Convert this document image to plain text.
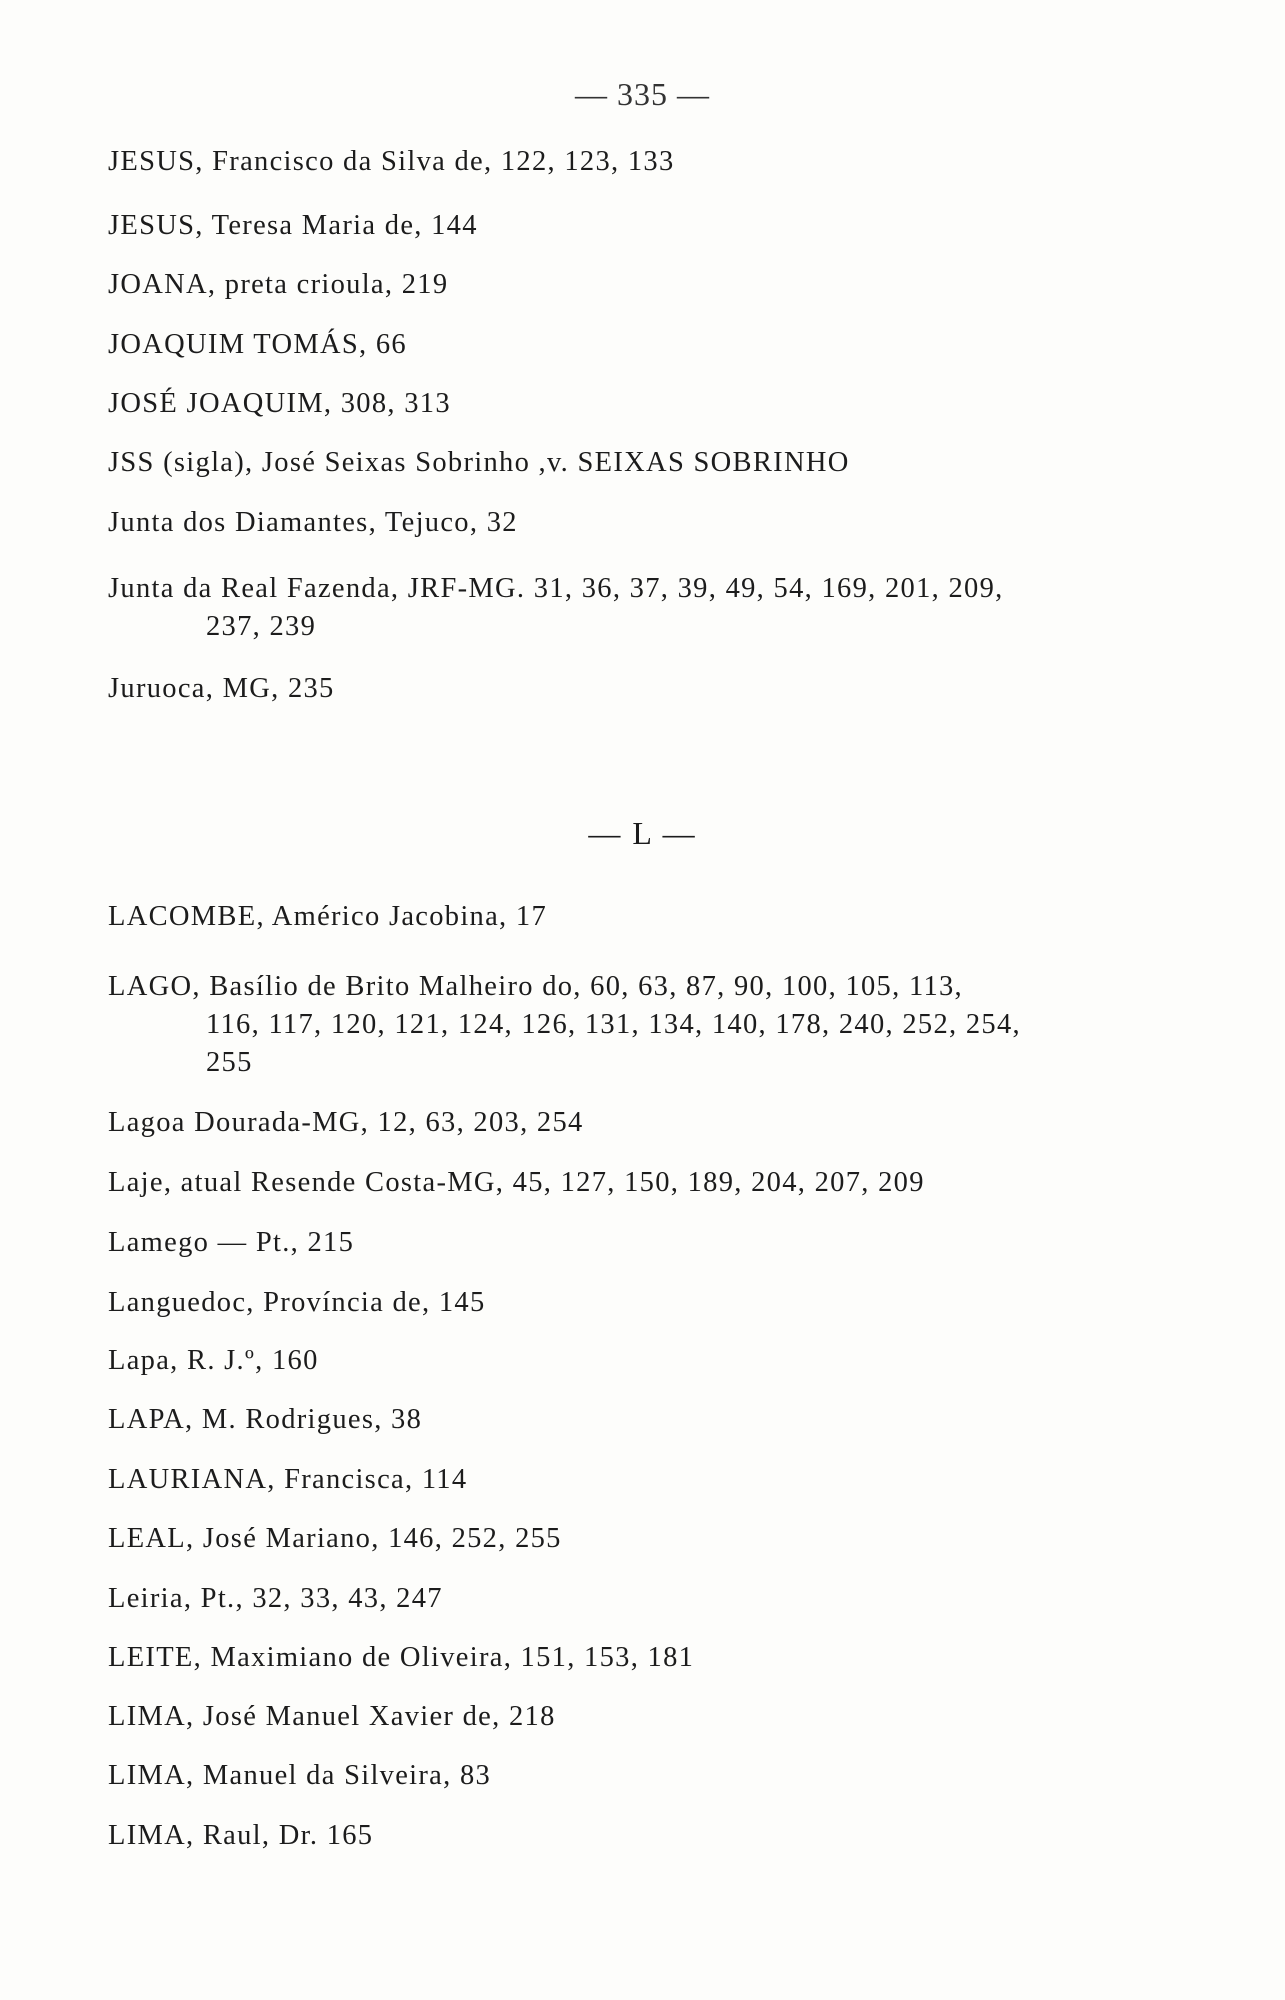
— 335 —
JESUS, Francisco da Silva de, 122, 123, 133
JESUS, Teresa Maria de, 144
JOANA, preta crioula, 219
JOAQUIM TOMÁS, 66
JOSÉ JOAQUIM, 308, 313
JSS (sigla), José Seixas Sobrinho ,v. SEIXAS SOBRINHO
Junta dos Diamantes, Tejuco, 32
Junta da Real Fazenda, JRF-MG. 31, 36, 37, 39, 49, 54, 169, 201, 209,
237, 239
Juruoca, MG, 235
— L —
LACOMBE, Américo Jacobina, 17
LAGO, Basílio de Brito Malheiro do, 60, 63, 87, 90, 100, 105, 113,
116, 117, 120, 121, 124, 126, 131, 134, 140, 178, 240, 252, 254,
255
Lagoa Dourada-MG, 12, 63, 203, 254
Laje, atual Resende Costa-MG, 45, 127, 150, 189, 204, 207, 209
Lamego — Pt., 215
Languedoc, Província de, 145
Lapa, R. J.º, 160
LAPA, M. Rodrigues, 38
LAURIANA, Francisca, 114
LEAL, José Mariano, 146, 252, 255
Leiria, Pt., 32, 33, 43, 247
LEITE, Maximiano de Oliveira, 151, 153, 181
LIMA, José Manuel Xavier de, 218
LIMA, Manuel da Silveira, 83
LIMA, Raul, Dr. 165
